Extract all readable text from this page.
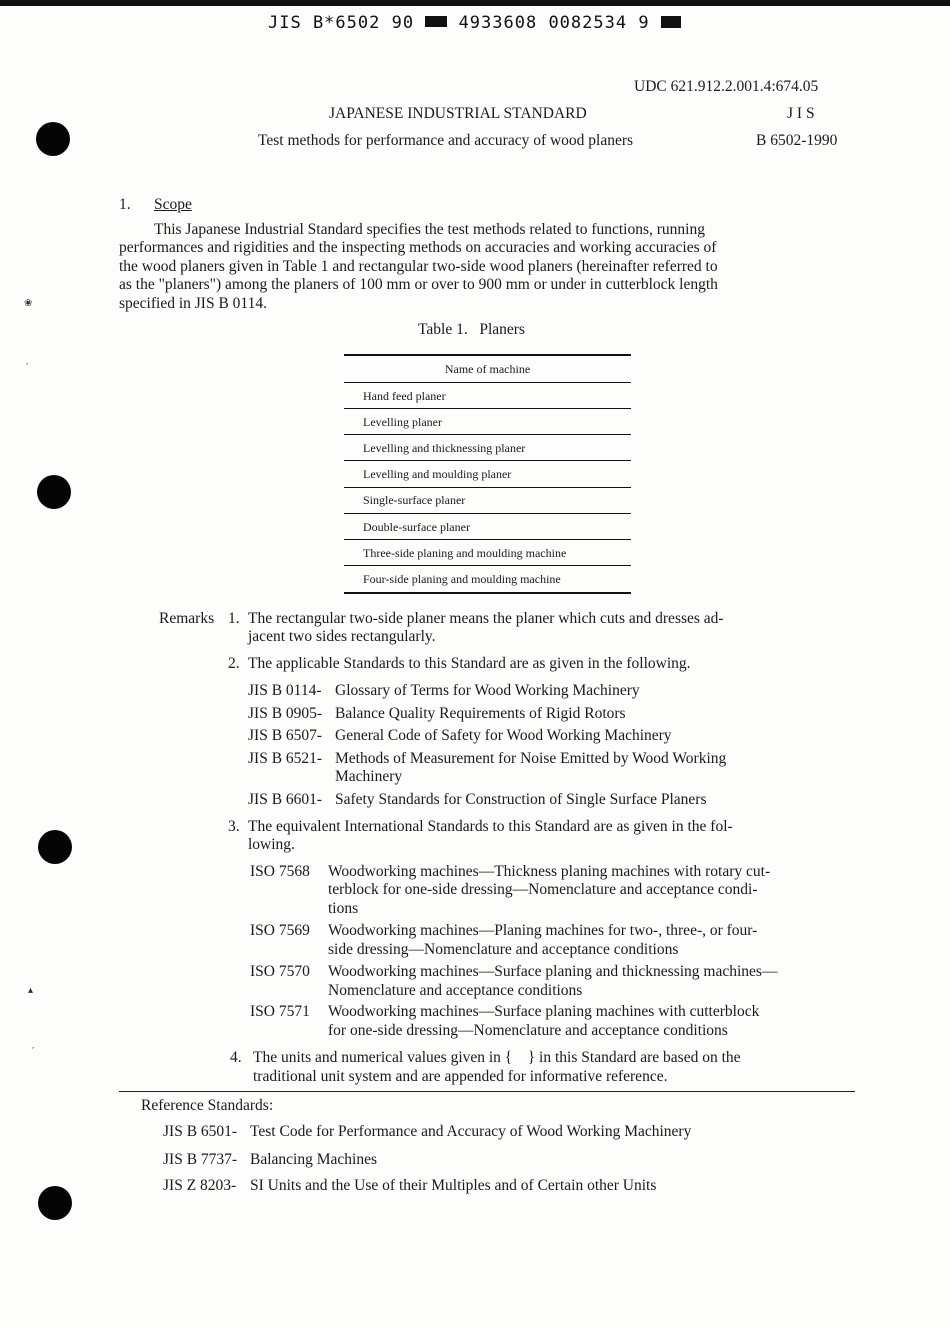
JIS B*6502 90	4933608 0082534 9
❀
′
▴
′
UDC 621.912.2.001.4:674.05
JAPANESE INDUSTRIAL STANDARD	J I S
Test methods for performance and accuracy of wood planers	B 6502-1990
1. Scope
This Japanese Industrial Standard specifies the test methods related to functions, running
performances and rigidities and the inspecting methods on accuracies and working accuracies of
the wood planers given in Table 1 and rectangular two-side wood planers (hereinafter referred to
as the "planers") among the planers of 100 mm or over to 900 mm or under in cutterblock length
specified in JIS B 0114.
Table 1.   Planers
Name of machine
Hand feed planer
Levelling planer
Levelling and thicknessing planer
Levelling and moulding planer
Single-surface planer
Double-surface planer
Three-side planing and moulding machine
Four-side planing and moulding machine
Remarks 1. The rectangular two-side planer means the planer which cuts and dresses ad-
jacent two sides rectangularly.
2. The applicable Standards to this Standard are as given in the following.
JIS B 0114- Glossary of Terms for Wood Working Machinery
JIS B 0905- Balance Quality Requirements of Rigid Rotors
JIS B 6507- General Code of Safety for Wood Working Machinery
JIS B 6521- Methods of Measurement for Noise Emitted by Wood Working
Machinery
JIS B 6601- Safety Standards for Construction of Single Surface Planers
3. The equivalent International Standards to this Standard are as given in the fol-
lowing.
ISO 7568 Woodworking machines—Thickness planing machines with rotary cut-
terblock for one-side dressing—Nomenclature and acceptance condi-
tions
ISO 7569 Woodworking machines—Planing machines for two-, three-, or four-
side dressing—Nomenclature and acceptance conditions
ISO 7570 Woodworking machines—Surface planing and thicknessing machines—
Nomenclature and acceptance conditions
ISO 7571 Woodworking machines—Surface planing machines with cutterblock
for one-side dressing—Nomenclature and acceptance conditions
4. The units and numerical values given in {    } in this Standard are based on the
traditional unit system and are appended for informative reference.
Reference Standards:
JIS B 6501- Test Code for Performance and Accuracy of Wood Working Machinery
JIS B 7737- Balancing Machines
JIS Z 8203- SI Units and the Use of their Multiples and of Certain other Units
